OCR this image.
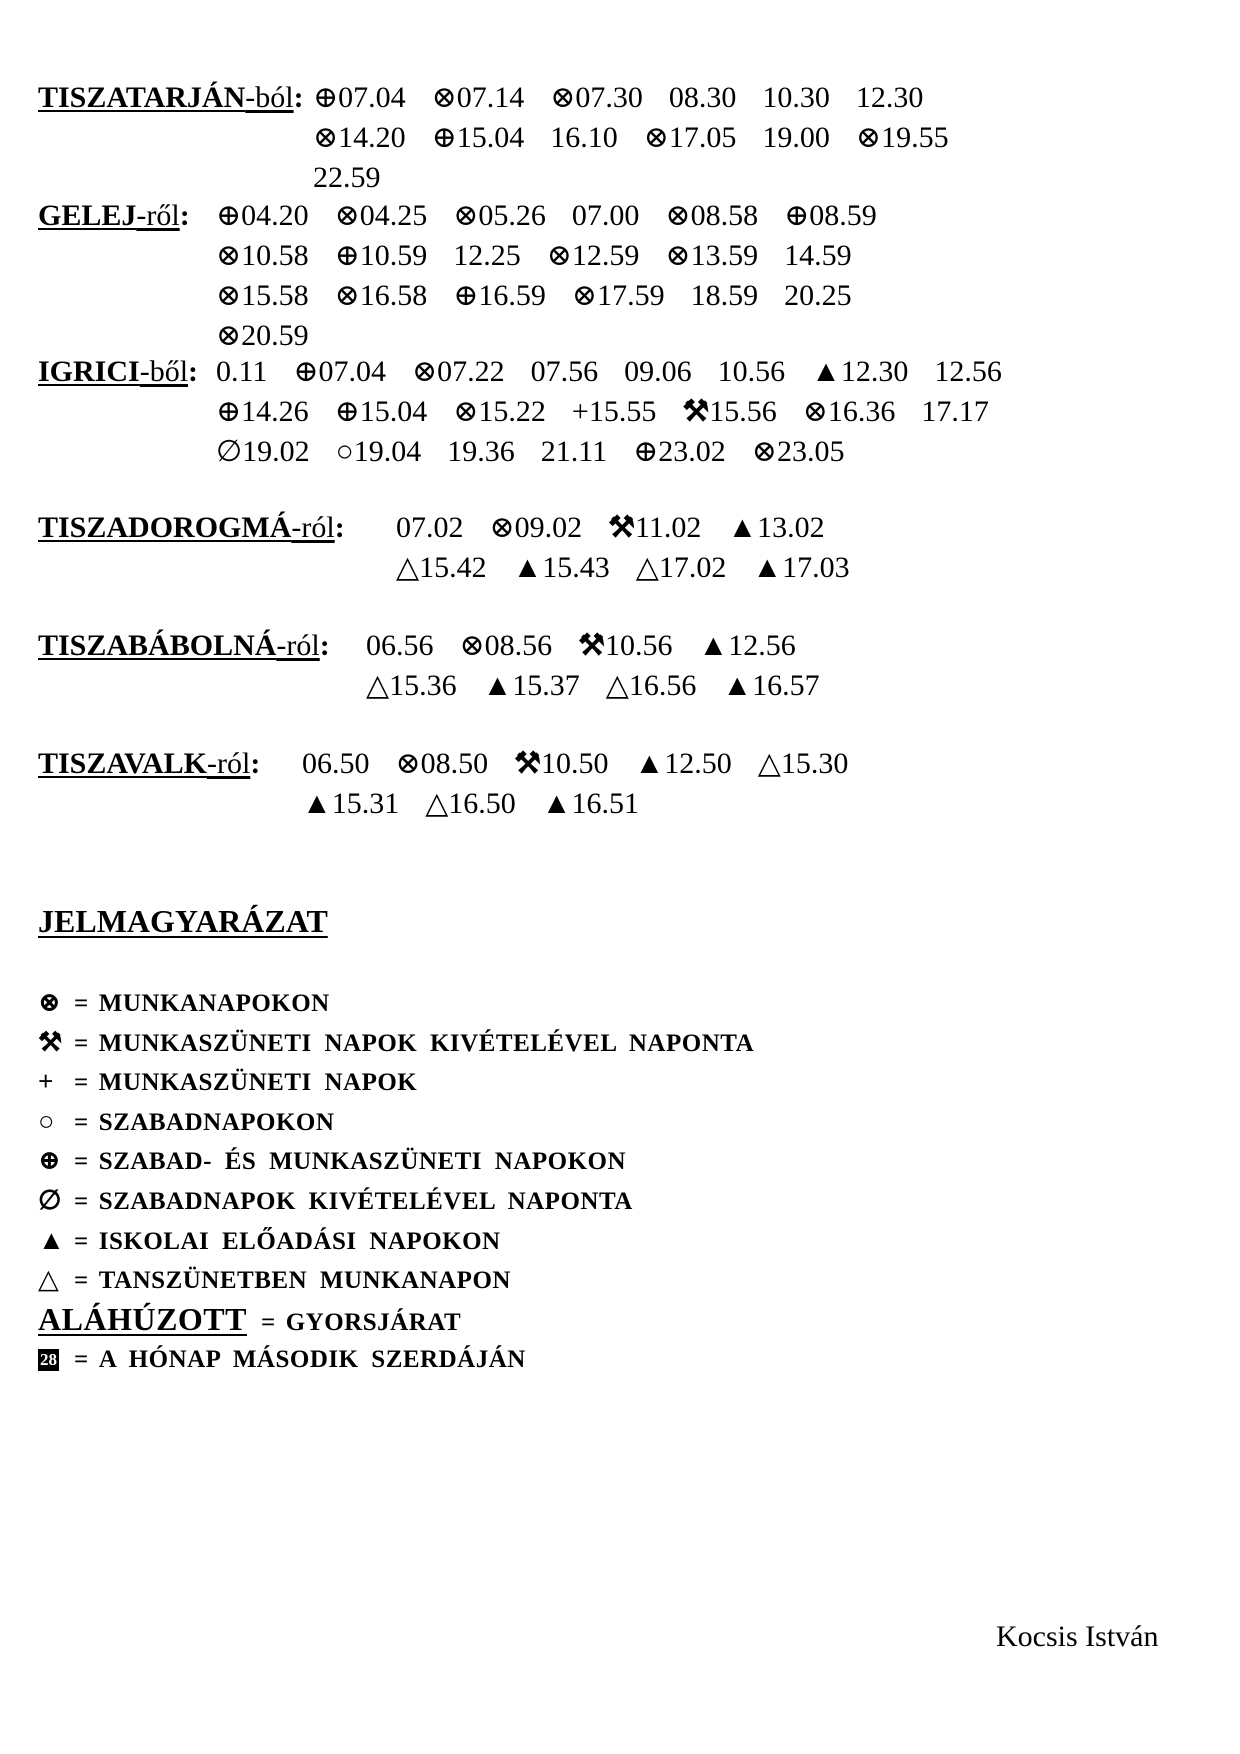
TISZATARJÁN-ból: ⊕ 07.04 ⊗ 07.14 ⊗ 07.30 08.30 10.30 12.30
⊗ 14.20 ⊕ 15.04 16.10 ⊗ 17.05 19.00 ⊗ 19.55
22.59
GELEJ-ről: ⊕ 04.20 ⊗ 04.25 ⊗ 05.26 07.00 ⊗ 08.58 ⊕ 08.59
⊗ 10.58 ⊕ 10.59 12.25 ⊗ 12.59 ⊗ 13.59 14.59
⊗ 15.58 ⊗ 16.58 ⊕ 16.59 ⊗ 17.59 18.59 20.25
⊗ 20.59
IGRICI-ből: 0.11 ⊕ 07.04 ⊗ 07.22 07.56 09.06 10.56 ▲ 12.30 12.56
⊕ 14.26 ⊕ 15.04 ⊗ 15.22 + 15.55 ⚒ 15.56 ⊗ 16.36 17.17
∅ 19.02 ○ 19.04 19.36 21.11 ⊕ 23.02 ⊗ 23.05
TISZADOROGMÁ-ról:	07.02 ⊗ 09.02 ⚒ 11.02 ▲ 13.02
△ 15.42 ▲ 15.43 △ 17.02 ▲ 17.03
TISZABÁBOLNÁ-ról:	06.56 ⊗ 08.56 ⚒ 10.56 ▲ 12.56
△ 15.36 ▲ 15.37 △ 16.56 ▲ 16.57
TISZAVALK-ról:	06.50 ⊗ 08.50 ⚒ 10.50 ▲ 12.50 △ 15.30
▲ 15.31 △ 16.50 ▲ 16.51
JELMAGYARÁZAT
⊗ = MUNKANAPOKON
⚒ = MUNKASZÜNETI NAPOK KIVÉTELÉVEL NAPONTA
+ = MUNKASZÜNETI NAPOK
○ = SZABADNAPOKON
⊕ = SZABAD- ÉS MUNKASZÜNETI NAPOKON
∅ = SZABADNAPOK KIVÉTELÉVEL NAPONTA
▲ = ISKOLAI ELŐADÁSI NAPOKON
△ = TANSZÜNETBEN MUNKANAPON
ALÁHÚZOTT = GYORSJÁRAT
28 = A HÓNAP MÁSODIK SZERDÁJÁN
Kocsis István
